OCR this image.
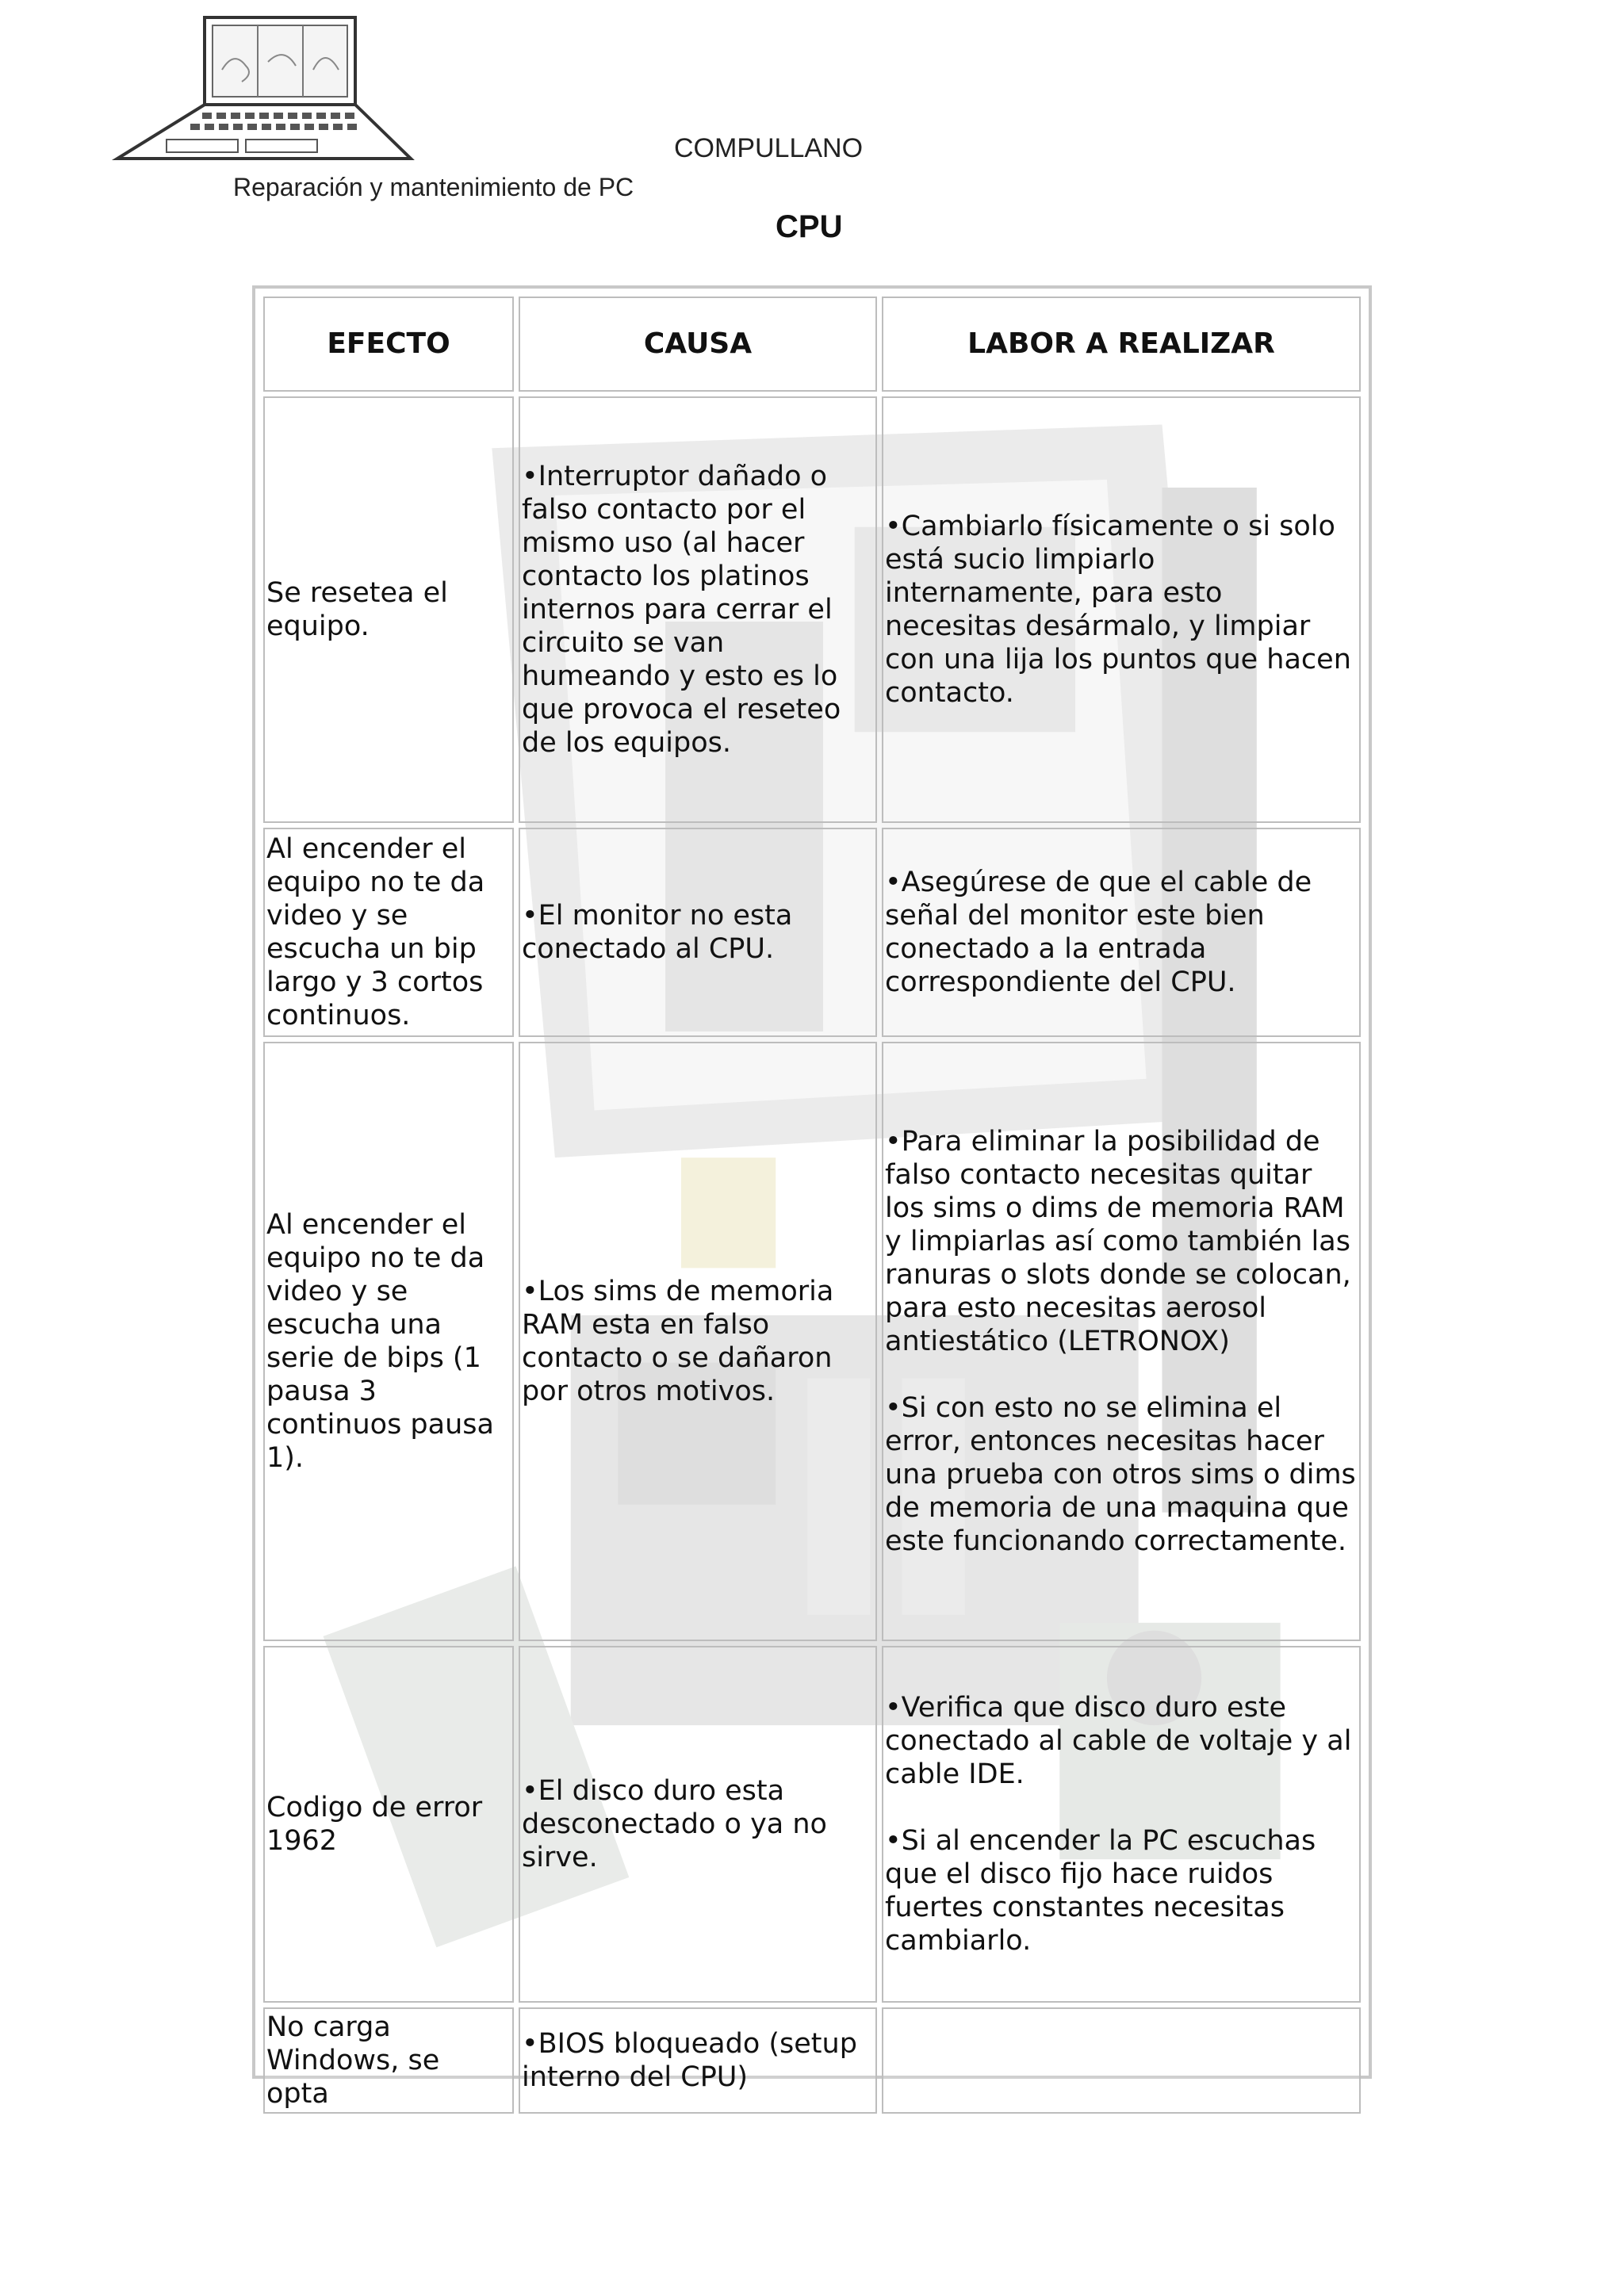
COMPULLANO
Reparación y mantenimiento de PC
CPU
EFECTO	CAUSA	LABOR A REALIZAR
Se resetea el equipo.	•Interruptor dañado o falso contacto por el mismo uso (al hacer contacto los platinos internos para cerrar el circuito se van humeando y esto es lo que provoca el reseteo de los equipos.	•Cambiarlo físicamente o si solo está sucio limpiarlo internamente, para esto necesitas desármalo, y limpiar con una lija los puntos que hacen contacto.

Al encender el equipo no te da video y se escucha un bip largo y 3 cortos continuos.	•El monitor no esta conectado al CPU.	•Asegúrese de que el cable de señal del monitor este bien conectado a la entrada correspondiente del CPU.

Al encender el equipo no te da video y se escucha una serie de bips (1 pausa 3 continuos pausa 1).	•Los sims de memoria RAM esta en falso contacto o se dañaron por otros motivos.	•Para eliminar la posibilidad de falso contacto necesitas quitar los sims o dims de memoria RAM y limpiarlas así como también las ranuras o slots donde se colocan, para esto necesitas aerosol antiestático (LETRONOX)
•Si con esto no se elimina el error, entonces necesitas hacer una prueba con otros sims o dims de memoria de una maquina que este funcionando correctamente.

Codigo de error 1962	•El disco duro esta desconectado o ya no sirve.	•Verifica que disco duro este conectado al cable de voltaje y al cable IDE.
•Si al encender la PC escuchas que el disco fijo hace ruidos fuertes constantes necesitas cambiarlo.

No carga Windows, se opta	•BIOS bloqueado (setup interno del CPU)	
